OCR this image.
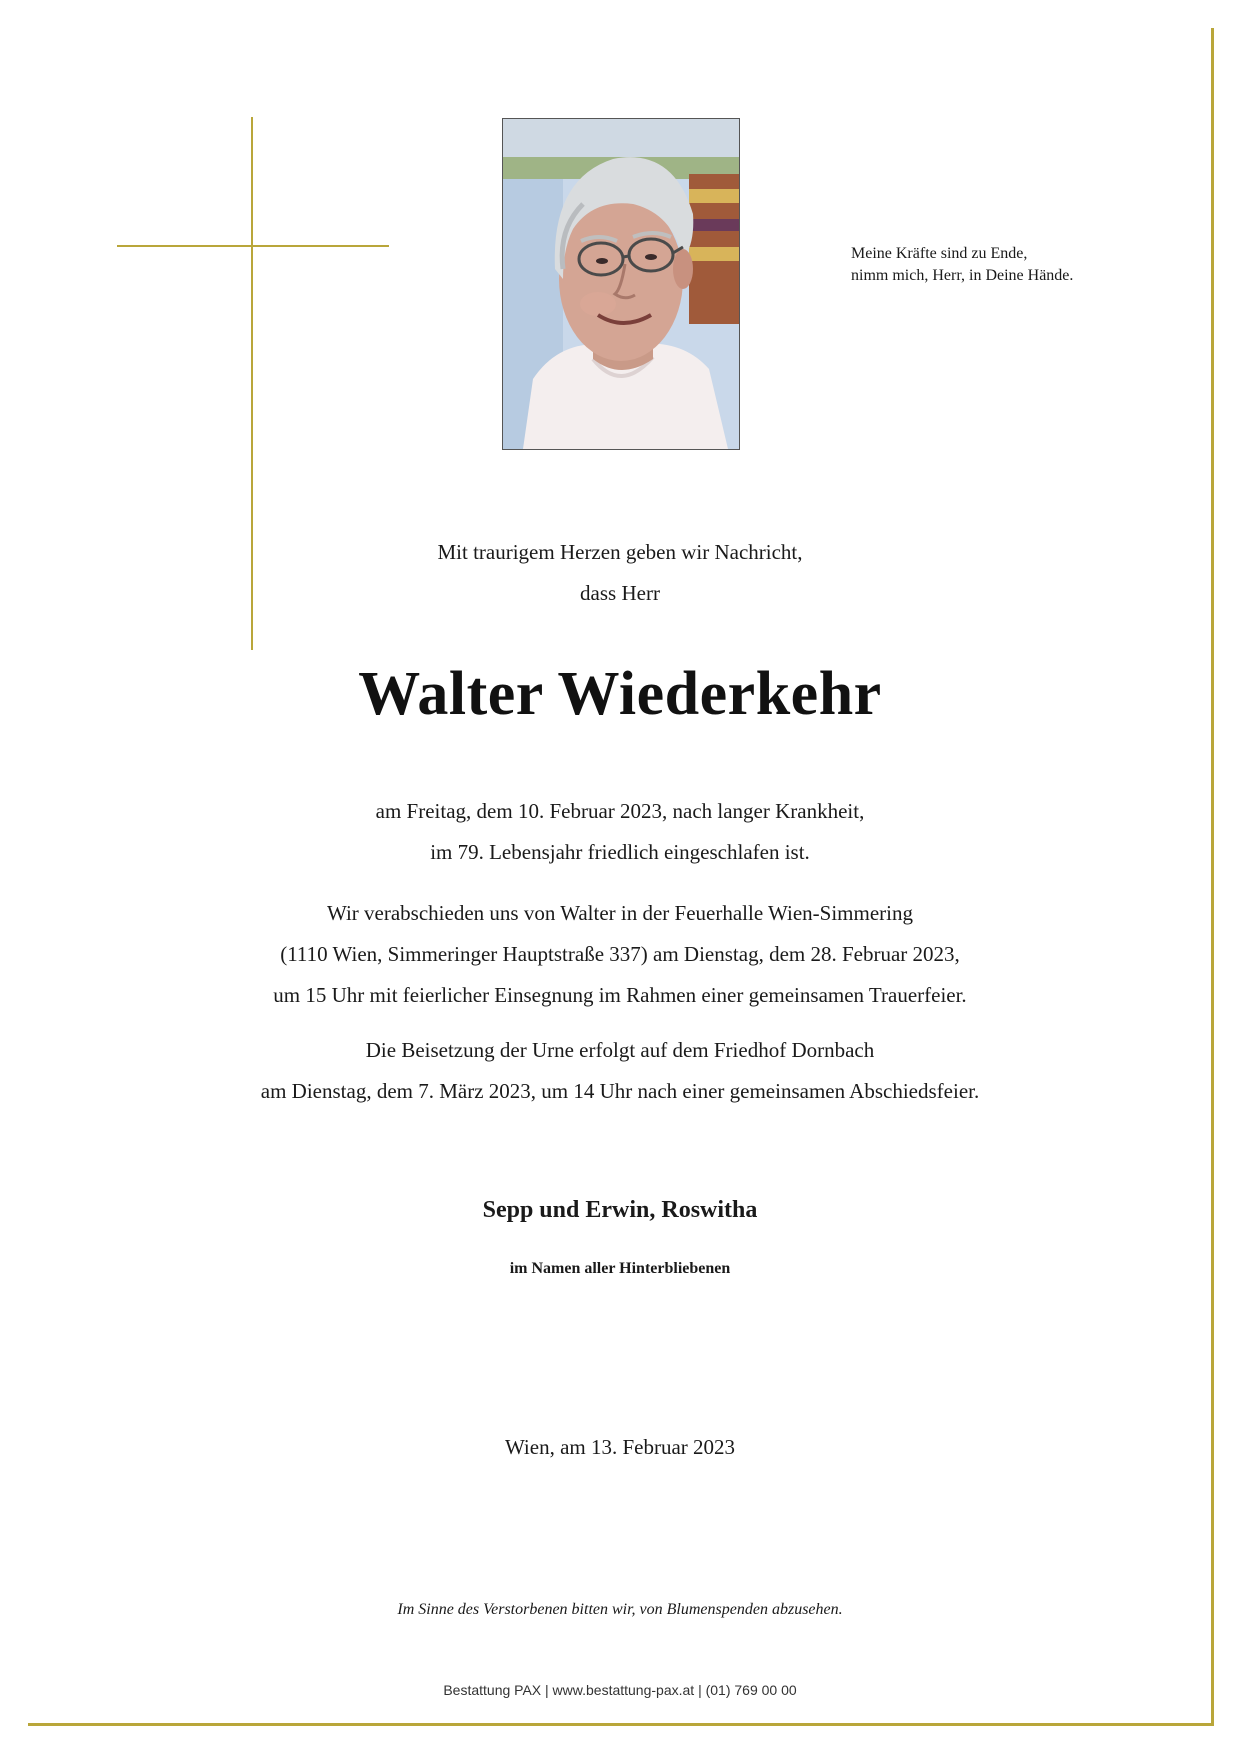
Meine Kräfte sind zu Ende,
nimm mich, Herr, in Deine Hände.
Mit traurigem Herzen geben wir Nachricht,
dass Herr
Walter Wiederkehr
am Freitag, dem 10. Februar 2023, nach langer Krankheit,
im 79. Lebensjahr friedlich eingeschlafen ist.
Wir verabschieden uns von Walter in der Feuerhalle Wien-Simmering
(1110 Wien, Simmeringer Hauptstraße 337) am Dienstag, dem 28. Februar 2023,
um 15 Uhr mit feierlicher Einsegnung im Rahmen einer gemeinsamen Trauerfeier.
Die Beisetzung der Urne erfolgt auf dem Friedhof Dornbach
am Dienstag, dem 7. März 2023, um 14 Uhr nach einer gemeinsamen Abschiedsfeier.
Sepp und Erwin, Roswitha
im Namen aller Hinterbliebenen
Wien, am 13. Februar 2023
Im Sinne des Verstorbenen bitten wir, von Blumenspenden abzusehen.
Bestattung PAX | www.bestattung-pax.at | (01) 769 00 00
